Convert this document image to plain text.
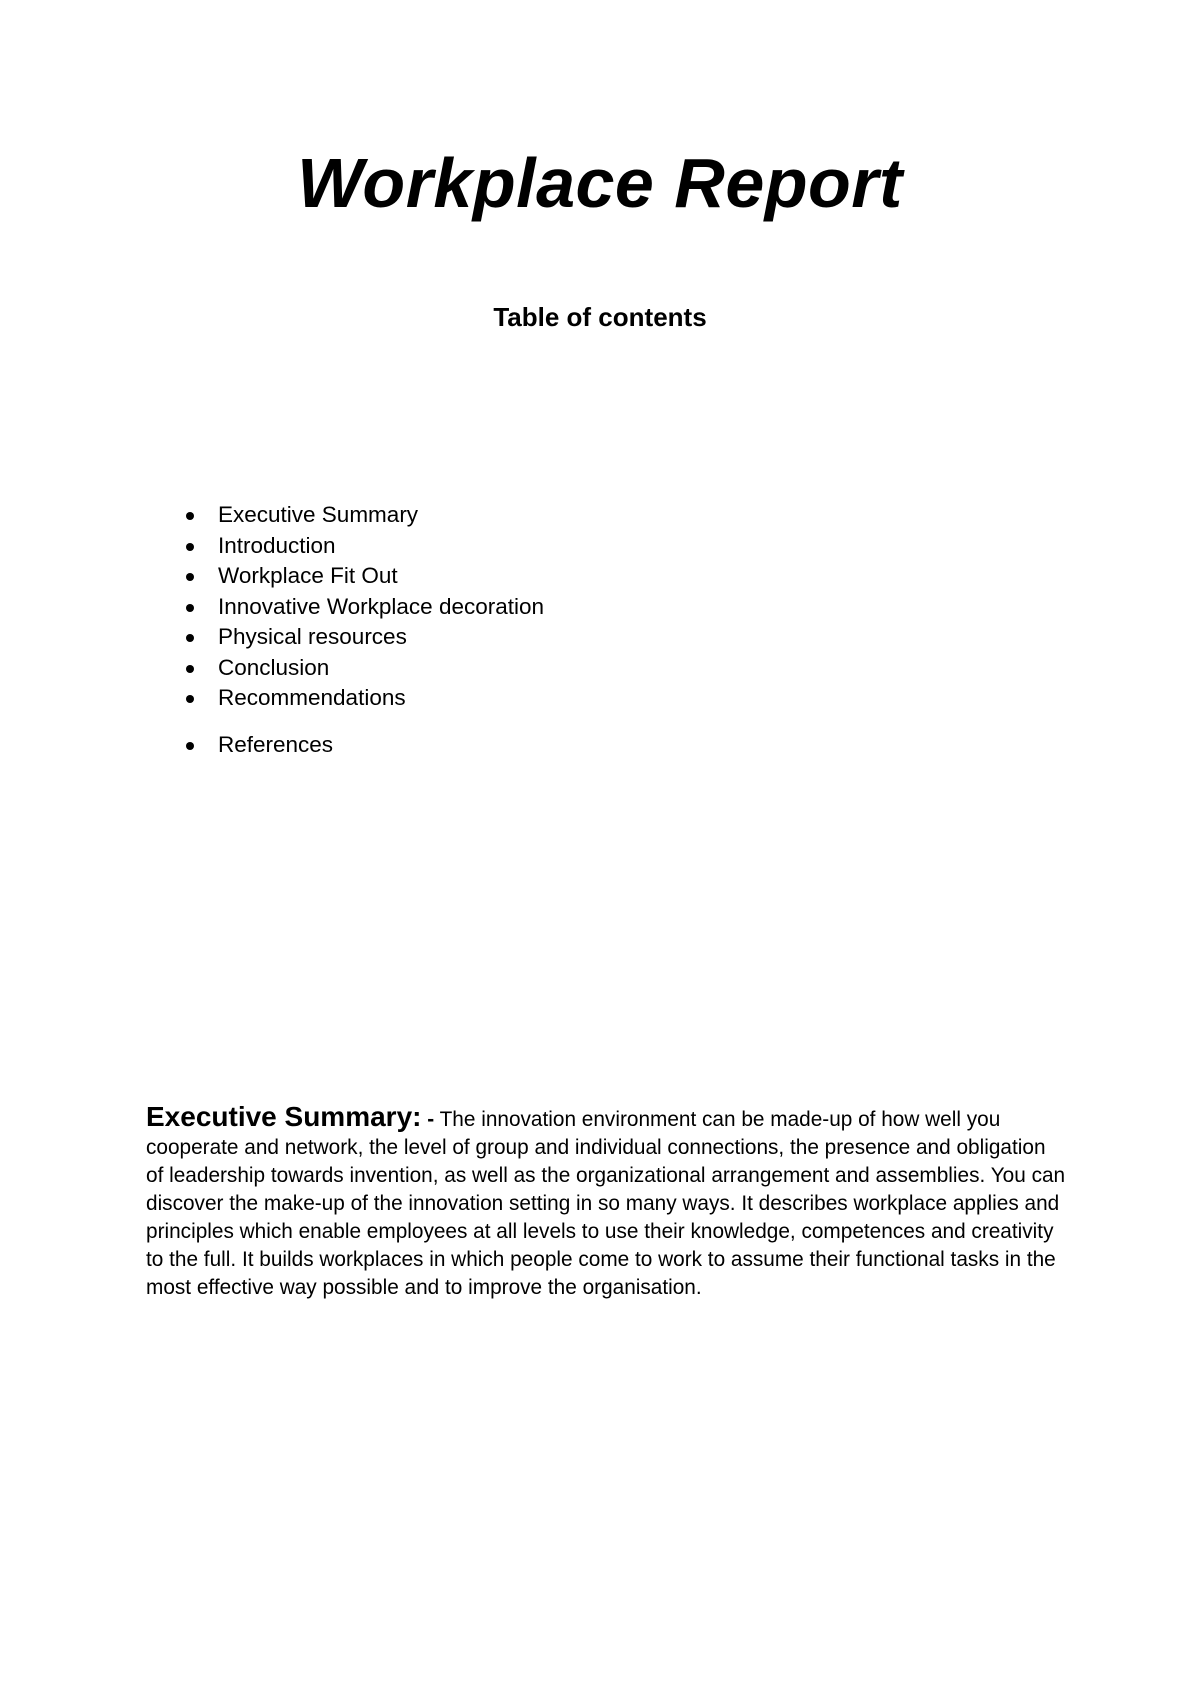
Workplace Report
Table of contents
Executive Summary
Introduction
Workplace Fit Out
Innovative Workplace decoration
Physical resources
Conclusion
Recommendations
References

Executive Summary: - The innovation environment can be made-up of how well you cooperate and network, the level of group and individual connections, the presence and obligation of leadership towards invention, as well as the organizational arrangement and assemblies. You can discover the make-up of the innovation setting in so many ways. It describes workplace applies and principles which enable employees at all levels to use their knowledge, competences and creativity to the full. It builds workplaces in which people come to work to assume their functional tasks in the most effective way possible and to improve the organisation.
